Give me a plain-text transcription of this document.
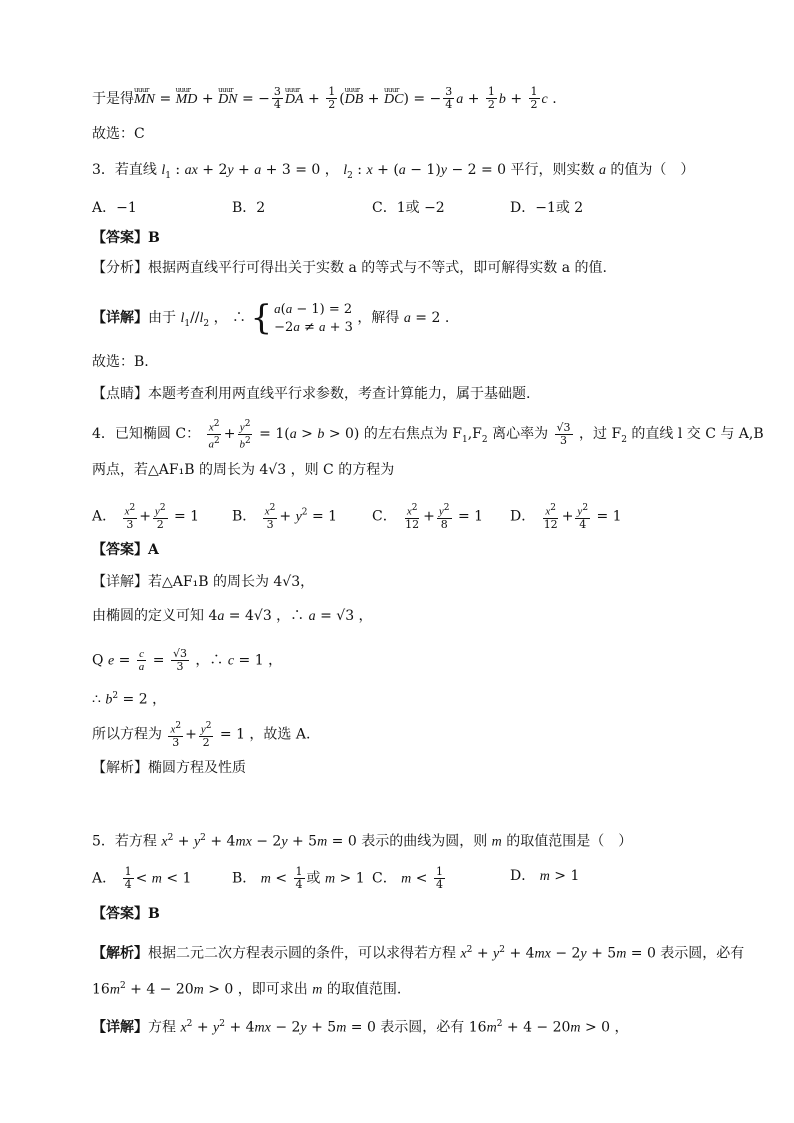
于是得uuur MN = uuur MD + uuur DN = − $\frac{3}{4}$
uuur DA + $\frac{1}{2}$ (uuur DB + uuur DC) = − $\frac{3}{4}$ $a + \frac{1}{2}$ $b + \frac{1}{2}$ c .
故选：C
3．若直线 $l_1$ : ax + 2y + a + 3 = 0 ， $l_2$ : x + (a − 1)y − 2 = 0 平行，则实数 a 的值为（　）
A．−1	B．2	C．1或 −2	D．−1或 2
【答案】B
【分析】根据两直线平行可得出关于实数 a 的等式与不等式，即可解得实数 a 的值.
【详解】由于 $l_1//l_2$ ， ∴ { a(a − 1) = 2
−2a ≠ a + 3
，解得 a = 2 .
故选：B.
【点睛】本题考查利用两直线平行求参数，考查计算能力，属于基础题.
4．已知椭圆 C： $\frac{x^2}{a^2} + \frac{y^2}{b^2} = 1(a > b > 0)$ 的左右焦点为 $F_1,F_2$ 离心率为 $\frac{√3}{3}$ ，过 $F_2$ 的直线 l 交 C 与 A,B
两点，若△AF₁B 的周长为 4√3 ，则 C 的方程为
A． $\frac{x^2}{3} + \frac{y^2}{2} = 1$ B． $\frac{x^2}{3} + y^2 = 1$ C． $\frac{x^2}{12} + \frac{y^2}{8} = 1$ D． $\frac{x^2}{12} + \frac{y^2}{4} = 1$
【答案】A
【详解】若△AF₁B 的周长为 4√3，
由椭圆的定义可知 4a = 4√3 ，∴ a = √3 ，
Q $e = \frac{c}{a} = \frac{√3}{3}$ ，∴ c = 1 ，
∴ $b^2 = 2$ ，
所以方程为 $\frac{x^2}{3} + \frac{y^2}{2} = 1$ ，故选 A.
【解析】椭圆方程及性质
5．若方程 $x^2 + y^2 + 4mx - 2y + 5m = 0$ 表示的曲线为圆，则 m 的取值范围是（　）
A． $\frac{1}{4} < m < 1$	B． $m < \frac{1}{4}$ 或 m > 1 C． $m < \frac{1}{4}$	D． m > 1
【答案】B
【解析】根据二元二次方程表示圆的条件，可以求得若方程 $x^2 + y^2 + 4mx - 2y + 5m = 0$ 表示圆，必有
$16m^2 + 4 - 20m > 0$ ，即可求出 m 的取值范围.
【详解】方程 $x^2 + y^2 + 4mx - 2y + 5m = 0$ 表示圆，必有 $16m^2 + 4 - 20m > 0$ ，
